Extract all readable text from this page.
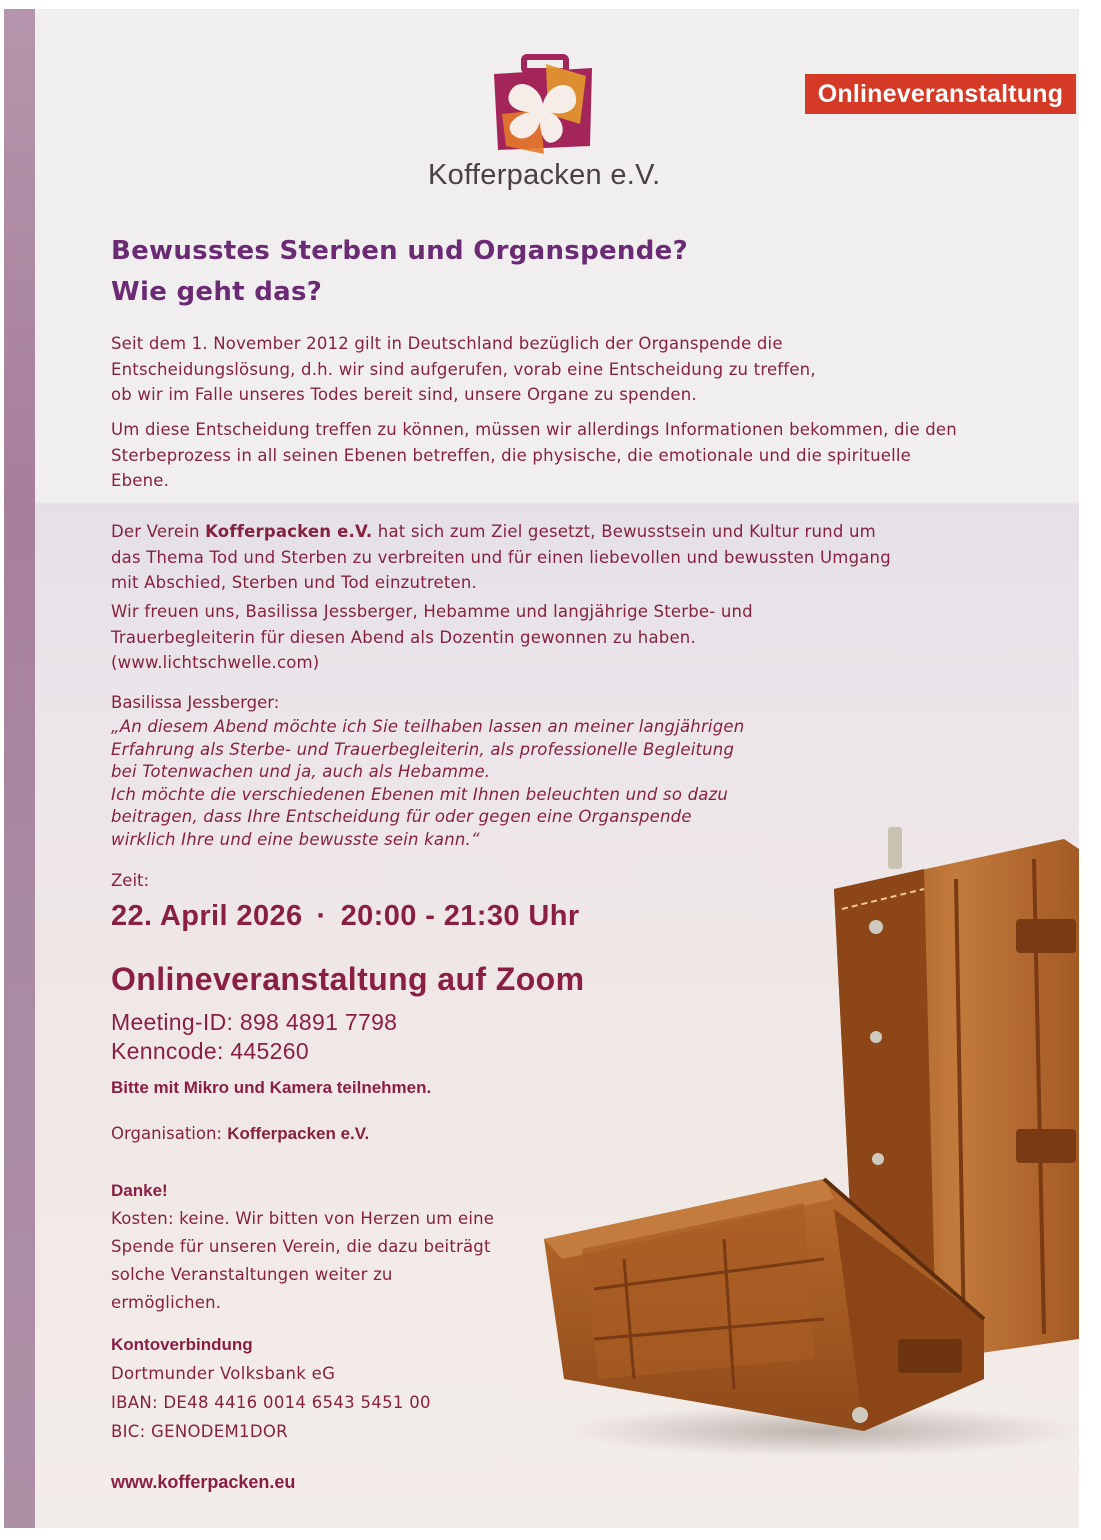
Onlineveranstaltung
Kofferpacken e.V.
Bewusstes Sterben und Organspende?
Wie geht das?

Seit dem 1. November 2012 gilt in Deutschland bezüglich der Organspende die Entscheidungslösung, d.h. wir sind aufgerufen, vorab eine Entscheidung zu treffen, ob wir im Falle unseres Todes bereit sind, unsere Organe zu spenden.

Um diese Entscheidung treffen zu können, müssen wir allerdings Informationen bekommen, die den Sterbeprozess in all seinen Ebenen betreffen, die physische, die emotionale und die spirituelle Ebene.

Der Verein Kofferpacken e.V. hat sich zum Ziel gesetzt, Bewusstsein und Kultur rund um das Thema Tod und Sterben zu verbreiten und für einen liebevollen und bewussten Umgang mit Abschied, Sterben und Tod einzutreten.

Wir freuen uns, Basilissa Jessberger, Hebamme und langjährige Sterbe- und Trauerbegleiterin für diesen Abend als Dozentin gewonnen zu haben.

(www.lichtschwelle.com)

Basilissa Jessberger:
„An diesem Abend möchte ich Sie teilhaben lassen an meiner langjährigen
Erfahrung als Sterbe- und Trauerbegleiterin, als professionelle Begleitung
bei Totenwachen und ja, auch als Hebamme.
Ich möchte die verschiedenen Ebenen mit Ihnen beleuchten und so dazu
beitragen, dass Ihre Entscheidung für oder gegen eine Organspende
wirklich Ihre und eine bewusste sein kann.“
Zeit:
22. April 2026 · 20:00 - 21:30 Uhr
Onlineveranstaltung auf Zoom
Meeting-ID: 898 4891 7798
Kenncode: 445260
Bitte mit Mikro und Kamera teilnehmen.
Organisation: Kofferpacken e.V.
Danke!
Kosten: keine. Wir bitten von Herzen um eine Spende für unseren Verein, die dazu beiträgt solche Veranstaltungen weiter zu ermöglichen.
Kontoverbindung
Dortmunder Volksbank eG
IBAN: DE48 4416 0014 6543 5451 00
BIC: GENODEM1DOR
www.kofferpacken.eu
